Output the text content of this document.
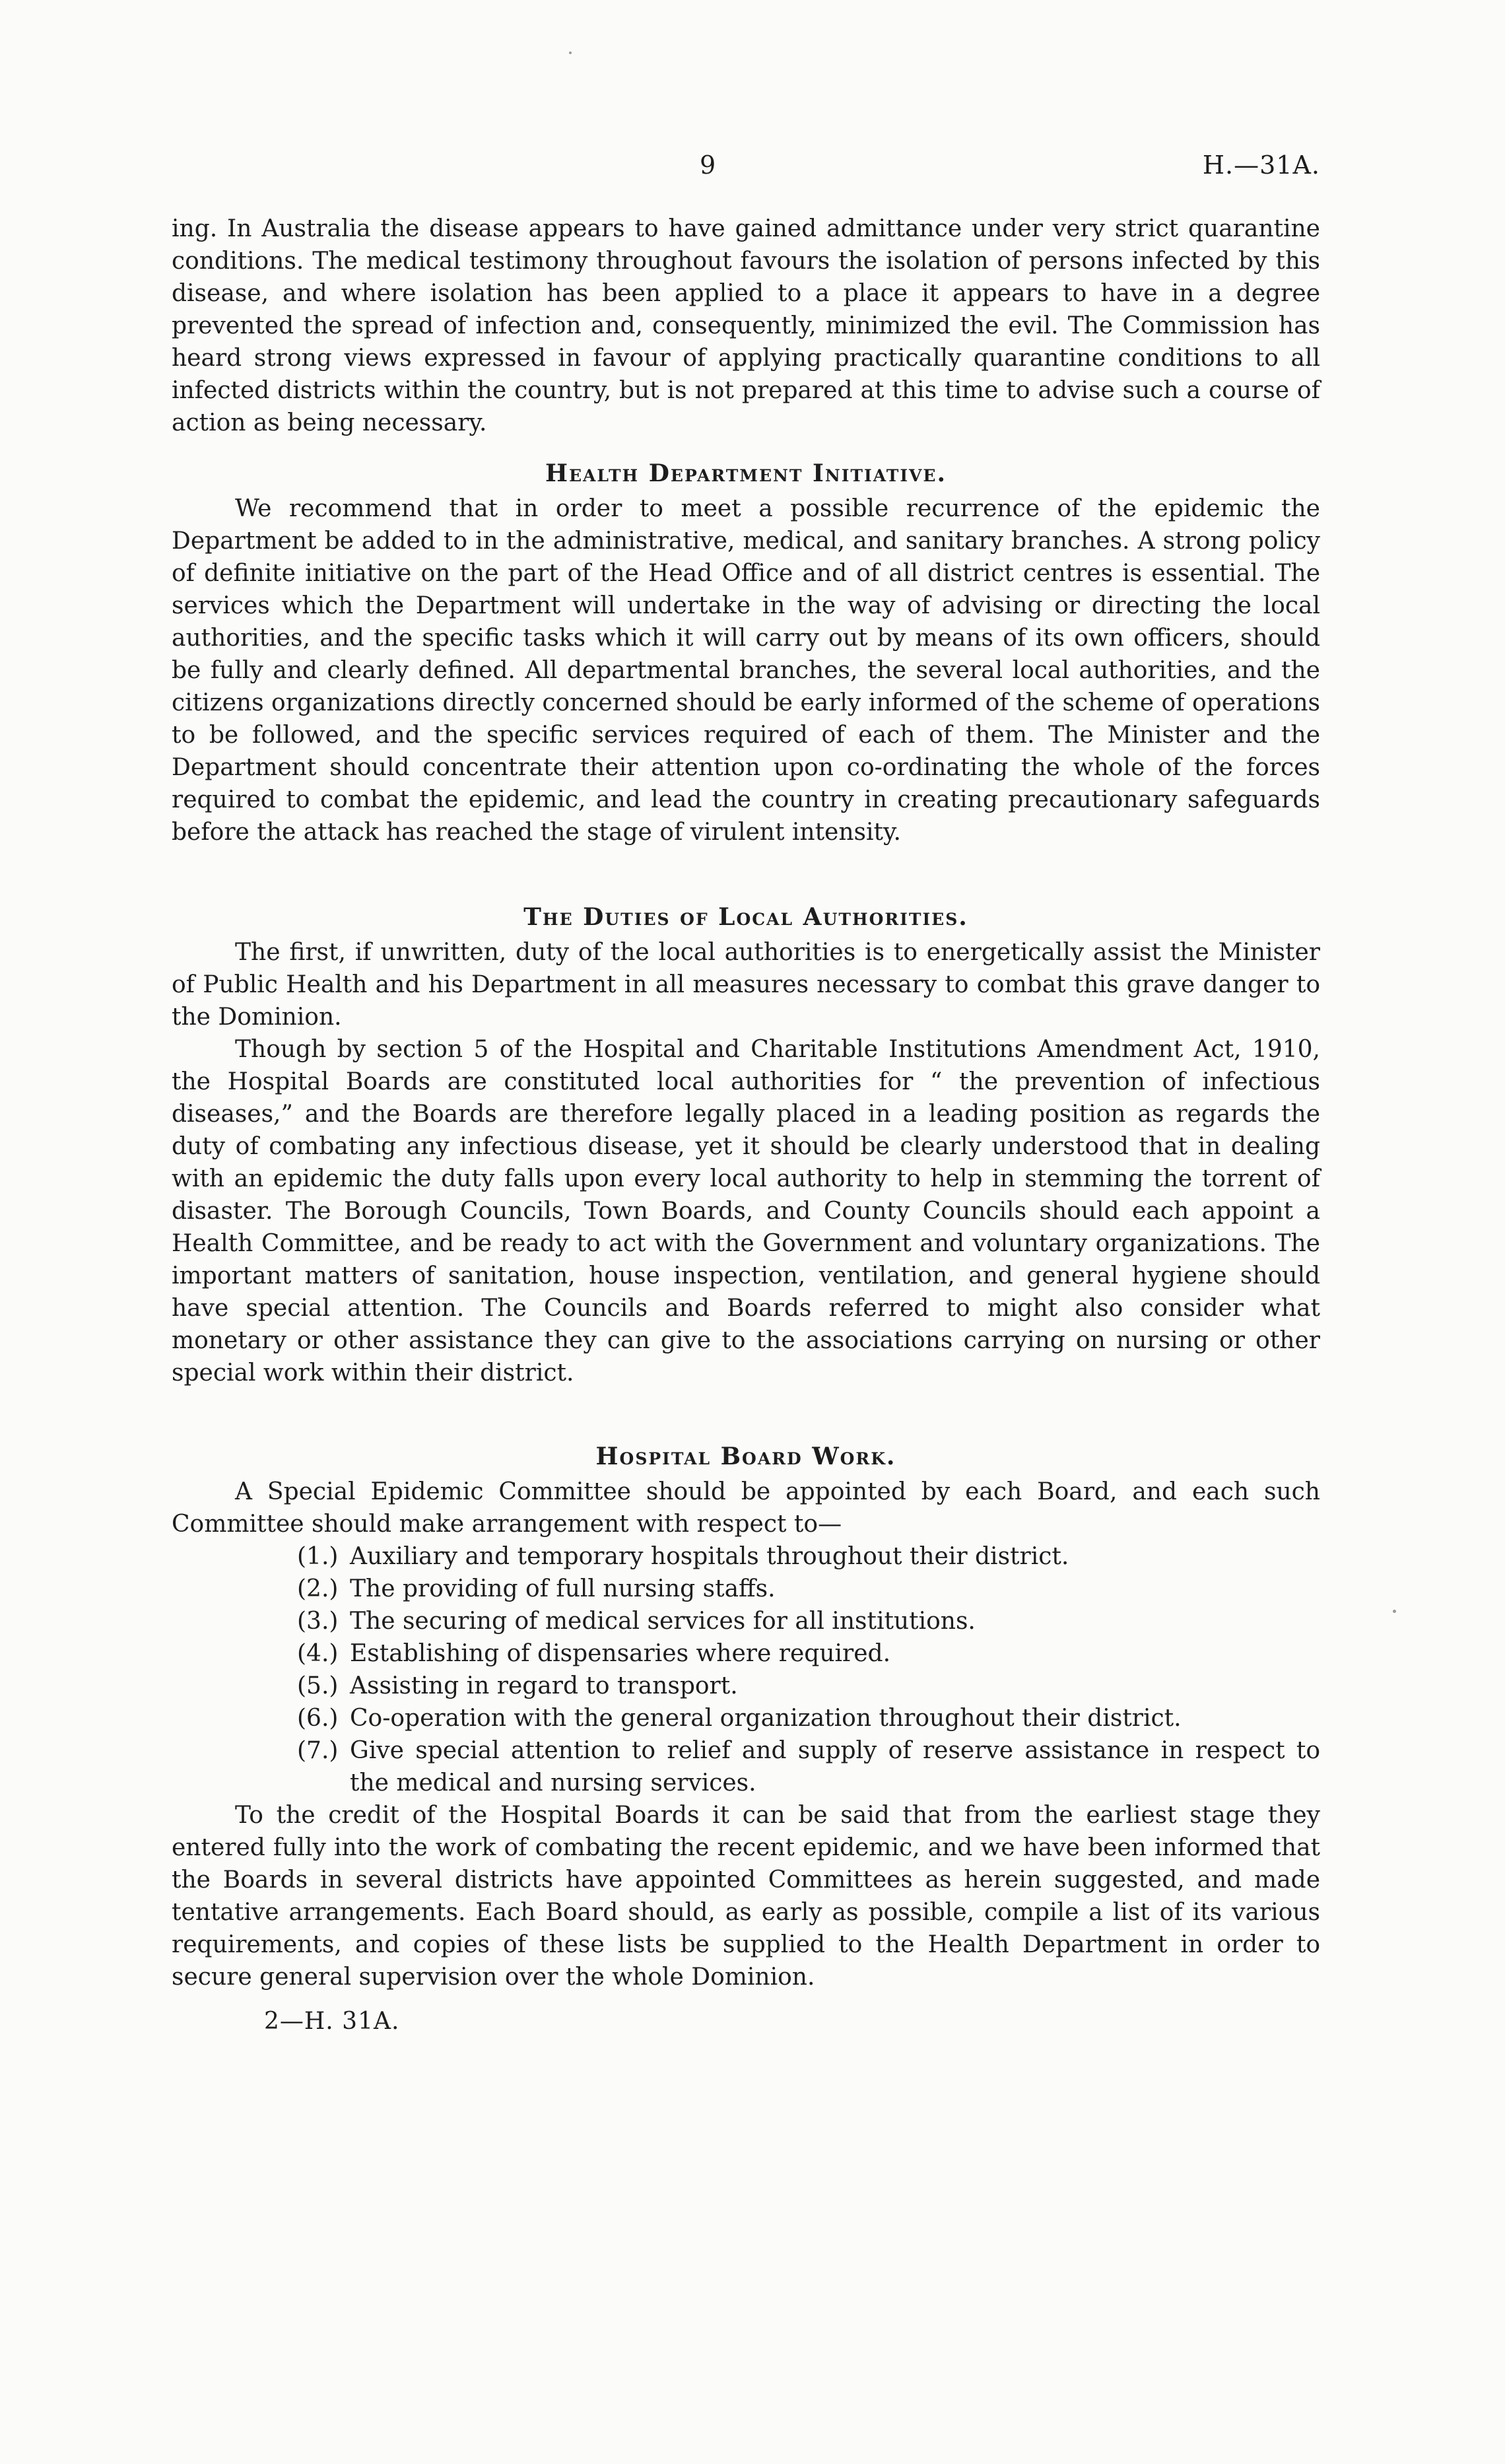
9	H.—31A.

ing. In Australia the disease appears to have gained admittance under very strict quarantine conditions. The medical testimony throughout favours the isolation of persons infected by this disease, and where isolation has been applied to a place it appears to have in a degree prevented the spread of infection and, consequently, minimized the evil. The Commission has heard strong views expressed in favour of applying practically quarantine conditions to all infected districts within the country, but is not prepared at this time to advise such a course of action as being necessary.

Health Department Initiative.

We recommend that in order to meet a possible recurrence of the epidemic the Department be added to in the administrative, medical, and sanitary branches. A strong policy of definite initiative on the part of the Head Office and of all district centres is essential. The services which the Department will undertake in the way of advising or directing the local authorities, and the specific tasks which it will carry out by means of its own officers, should be fully and clearly defined. All departmental branches, the several local authorities, and the citizens organizations directly concerned should be early informed of the scheme of operations to be followed, and the specific services required of each of them. The Minister and the Department should concentrate their attention upon co-ordinating the whole of the forces required to combat the epidemic, and lead the country in creating precautionary safeguards before the attack has reached the stage of virulent intensity.

The Duties of Local Authorities.

The first, if unwritten, duty of the local authorities is to energetically assist the Minister of Public Health and his Department in all measures necessary to combat this grave danger to the Dominion.

Though by section 5 of the Hospital and Charitable Institutions Amendment Act, 1910, the Hospital Boards are constituted local authorities for “ the prevention of infectious diseases,” and the Boards are therefore legally placed in a leading position as regards the duty of combating any infectious disease, yet it should be clearly understood that in dealing with an epidemic the duty falls upon every local authority to help in stemming the torrent of disaster. The Borough Councils, Town Boards, and County Councils should each appoint a Health Committee, and be ready to act with the Government and voluntary organizations. The important matters of sanitation, house inspection, ventilation, and general hygiene should have special attention. The Councils and Boards referred to might also consider what monetary or other assistance they can give to the associations carrying on nursing or other special work within their district.

Hospital Board Work.

A Special Epidemic Committee should be appointed by each Board, and each such Committee should make arrangement with respect to—

(1.) Auxiliary and temporary hospitals throughout their district.
(2.) The providing of full nursing staffs.
(3.) The securing of medical services for all institutions.
(4.) Establishing of dispensaries where required.
(5.) Assisting in regard to transport.
(6.) Co-operation with the general organization throughout their district.
(7.) Give special attention to relief and supply of reserve assistance in respect to the medical and nursing services.

To the credit of the Hospital Boards it can be said that from the earliest stage they entered fully into the work of combating the recent epidemic, and we have been informed that the Boards in several districts have appointed Committees as herein suggested, and made tentative arrangements. Each Board should, as early as possible, compile a list of its various requirements, and copies of these lists be supplied to the Health Department in order to secure general supervision over the whole Dominion.

2—H. 31A.
